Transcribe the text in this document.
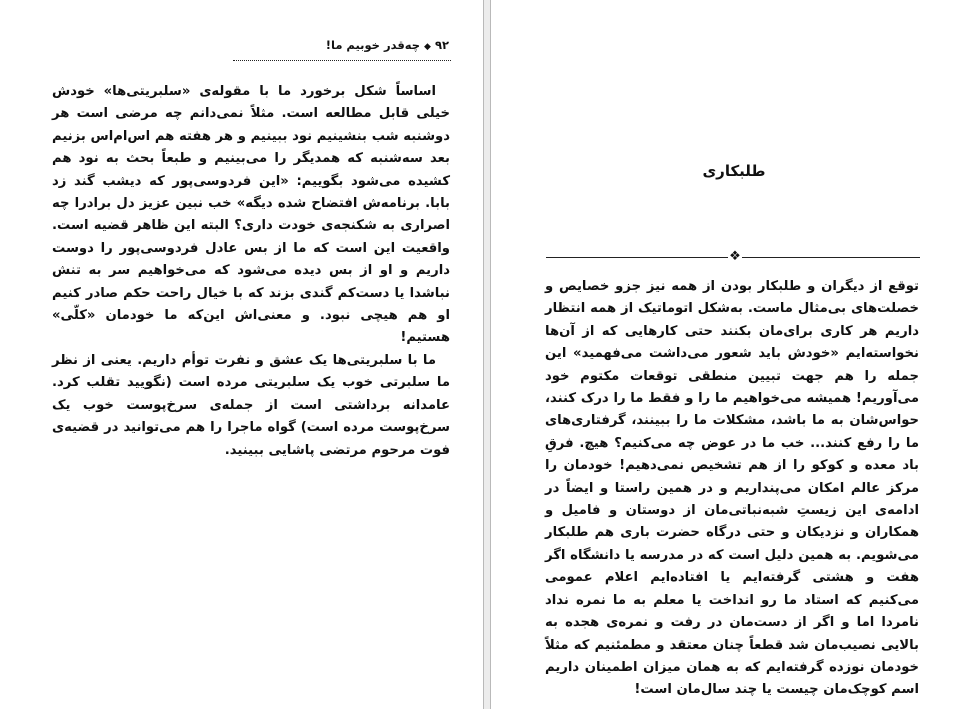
۹۲◆چه‌قدر خوبیم ما!

اساساً شکل برخورد ما با مقوله‌ی «سلبریتی‌ها» خودش خیلی قابل مطالعه است. مثلاً نمی‌دانم چه مرضی است هر دوشنبه شب بنشینیم نود ببینیم و هر هفته هم اس‌ام‌اس بزنیم بعد سه‌شنبه که همدیگر را می‌بینیم و طبعاً بحث به نود هم کشیده می‌شود بگوییم: «این فردوسی‌پور که دیشب گند زد بابا. برنامه‌ش افتضاح شده دیگه» خب نبین عزیز دل برادرا چه اصراری به شکنجه‌ی خودت داری؟ البته این ظاهر قضیه است. واقعیت این است که ما از بس عادل فردوسی‌پور را دوست داریم و او از بس دیده می‌شود که می‌خواهیم سر به تنش نباشدا یا دست‌کم گندی بزند که با خیال راحت حکم صادر کنیم او هم هیچی نبود. و معنی‌اش این‌که ما خودمان «کلّی» هستیم!

ما با سلبریتی‌ها یک عشق و نفرت توأم داریم. یعنی از نظر ما سلبرتی خوب یک سلبریتی مرده است (نگویید تقلب کرد. عامدانه برداشتی است از جمله‌ی سرخ‌پوست خوب یک سرخ‌پوست مرده است) گواه ماجرا را هم می‌توانید در قضیه‌ی فوت مرحوم مرتضی پاشایی ببینید.

طلبکاری
❖

توقع از دیگران و طلبکار بودن از همه نیز جزو خصایص و خصلت‌های بی‌مثال ماست. به‌شکل اتوماتیک از همه انتظار داریم هر کاری برای‌مان بکنند حتی کارهایی که از آن‌ها نخواسته‌ایم «خودش باید شعور می‌داشت می‌فهمید» این جمله را هم جهت تبیین منطقی توقعات مکتوم خود می‌آوریم! همیشه می‌خواهیم ما را و فقط ما را درک کنند، حواس‌شان به ما باشد، مشکلات ما را ببینند، گرفتاری‌های ما را رفع کنند... خب ما در عوض چه می‌کنیم؟ هیچ. فرقِ باد معده و کوکو را از هم تشخیص نمی‌دهیم! خودمان را مرکز عالم امکان می‌پنداریم و در همین راستا و ایضاً در ادامه‌ی این زیستِ شبه‌نباتی‌مان از دوستان و فامیل و همکاران و نزدیکان و حتی درگاه حضرت باری هم طلبکار می‌شویم. به همین دلیل است که در مدرسه یا دانشگاه اگر هفت و هشتی گرفته‌ایم یا افتاده‌ایم اعلام عمومی می‌کنیم که استاد ما رو انداخت یا معلم به ما نمره نداد نامردا اما و اگر از دست‌مان در رفت و نمره‌ی هجده به بالایی نصیب‌مان شد قطعاً چنان معتقد و مطمئنیم که مثلاً خودمان نوزده گرفته‌ایم که به همان میزان اطمینان داریم اسم کوچک‌مان چیست یا چند سال‌مان است!
